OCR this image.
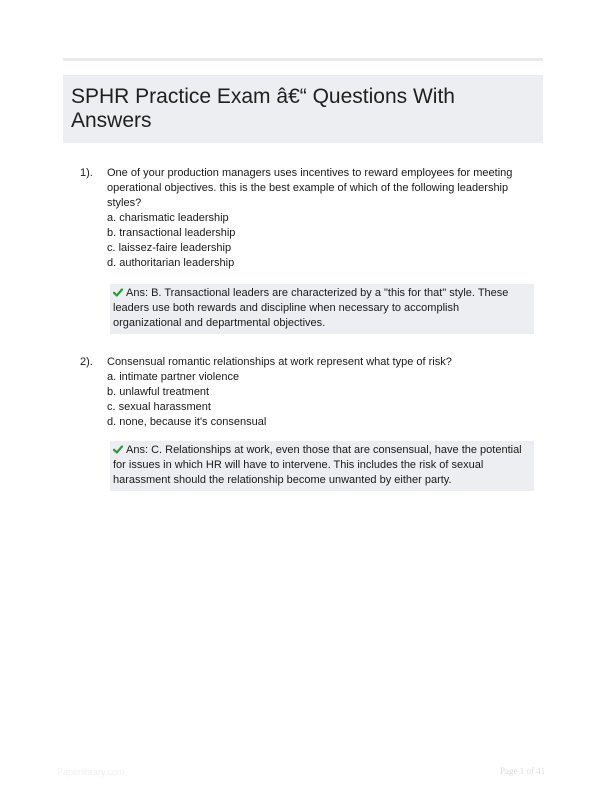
SPHR Practice Exam â€“ Questions With Answers
1). One of your production managers uses incentives to reward employees for meeting operational objectives. this is the best example of which of the following leadership styles?
a. charismatic leadership
b. transactional leadership
c. laissez-faire leadership
d. authoritarian leadership
Ans: B. Transactional leaders are characterized by a "this for that" style. These leaders use both rewards and discipline when necessary to accomplish organizational and departmental objectives.
2). Consensual romantic relationships at work represent what type of risk?
a. intimate partner violence
b. unlawful treatment
c. sexual harassment
d. none, because it's consensual
Ans: C. Relationships at work, even those that are consensual, have the potential for issues in which HR will have to intervene. This includes the risk of sexual harassment should the relationship become unwanted by either party.
Paperlibrary.com	Page 1 of 41
